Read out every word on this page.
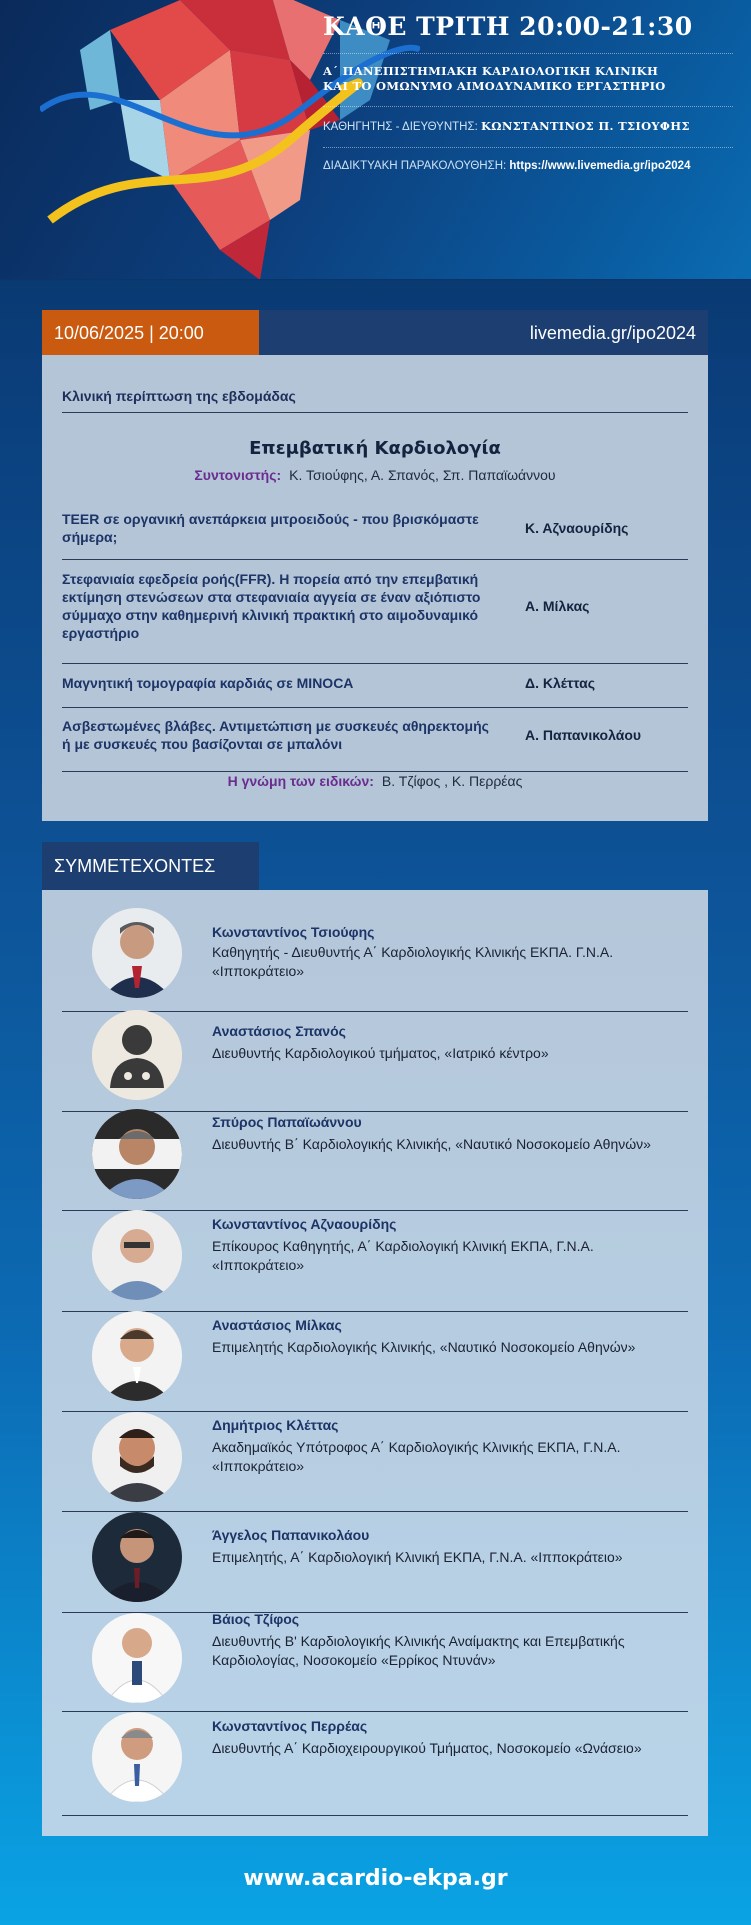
ΚΑΘΕ ΤΡΙΤΗ 20:00-21:30
Α΄ ΠΑΝΕΠΙΣΤΗΜΙΑΚΗ ΚΑΡΔΙΟΛΟΓΙΚΗ ΚΛΙΝΙΚΗ
ΚΑΙ ΤΟ ΟΜΩΝΥΜΟ ΑΙΜΟΔΥΝΑΜΙΚΟ ΕΡΓΑΣΤΗΡΙΟ
ΚΑΘΗΓΗΤΗΣ - ΔΙΕΥΘΥΝΤΗΣ: ΚΩΝΣΤΑΝΤΙΝΟΣ Π. ΤΣΙΟΥΦΗΣ
ΔΙΑΔΙΚΤΥΑΚΗ ΠΑΡΑΚΟΛΟΥΘΗΣΗ: https://www.livemedia.gr/ipo2024
10/06/2025 | 20:00	livemedia.gr/ipo2024
Κλινική περίπτωση της εβδομάδας
Επεμβατική Καρδιολογία
Συντονιστής: Κ. Τσιούφης, Α. Σπανός, Σπ. Παπαϊωάννου
TEER σε οργανική ανεπάρκεια μιτροειδούς - που βρισκόμαστε σήμερα;
Κ. Αζναουρίδης
Στεφανιαία εφεδρεία ροής(FFR). Η πορεία από την επεμβατική εκτίμηση στενώσεων στα στεφανιαία αγγεία σε έναν αξιόπιστο σύμμαχο στην καθημερινή κλινική πρακτική στο αιμοδυναμικό εργαστήριο
Α. Μίλκας
Μαγνητική τομογραφία καρδιάς σε MINOCA	Δ. Κλέττας
Ασβεστωμένες βλάβες. Αντιμετώπιση με συσκευές αθηρεκτομής ή με συσκευές που βασίζονται σε μπαλόνι
Α. Παπανικολάου
Η γνώμη των ειδικών: Β. Τζίφος , Κ. Περρέας
ΣΥΜΜΕΤΕΧΟΝΤΕΣ
Κωνσταντίνος Τσιούφης
Καθηγητής - Διευθυντής Α΄ Καρδιολογικής Κλινικής ΕΚΠΑ. Γ.Ν.Α. «Ιπποκράτειο»
Αναστάσιος Σπανός
Διευθυντής Καρδιολογικού τμήματος, «Ιατρικό κέντρο»
Σπύρος Παπαϊωάννου
Διευθυντής Β΄ Καρδιολογικής Κλινικής, «Ναυτικό Νοσοκομείο Αθηνών»
Κωνσταντίνος Αζναουρίδης
Επίκουρος Καθηγητής, Α΄ Καρδιολογική Κλινική ΕΚΠΑ, Γ.Ν.Α. «Ιπποκράτειο»
Αναστάσιος Μίλκας
Επιμελητής Καρδιολογικής Κλινικής, «Ναυτικό Νοσοκομείο Αθηνών»
Δημήτριος Κλέττας
Ακαδημαϊκός Υπότροφος Α΄ Καρδιολογικής Κλινικής ΕΚΠΑ, Γ.Ν.Α. «Ιπποκράτειο»
Άγγελος Παπανικολάου
Επιμελητής, Α΄ Καρδιολογική Κλινική ΕΚΠΑ, Γ.Ν.Α. «Ιπποκράτειο»
Βάιος Τζίφος
Διευθυντής Β' Καρδιολογικής Κλινικής Αναίμακτης και Επεμβατικής Καρδιολογίας, Νοσοκομείο «Ερρίκος Ντυνάν»
Κωνσταντίνος Περρέας
Διευθυντής Α΄ Καρδιοχειρουργικού Τμήματος, Νοσοκομείο «Ωνάσειο»
www.acardio-ekpa.gr
